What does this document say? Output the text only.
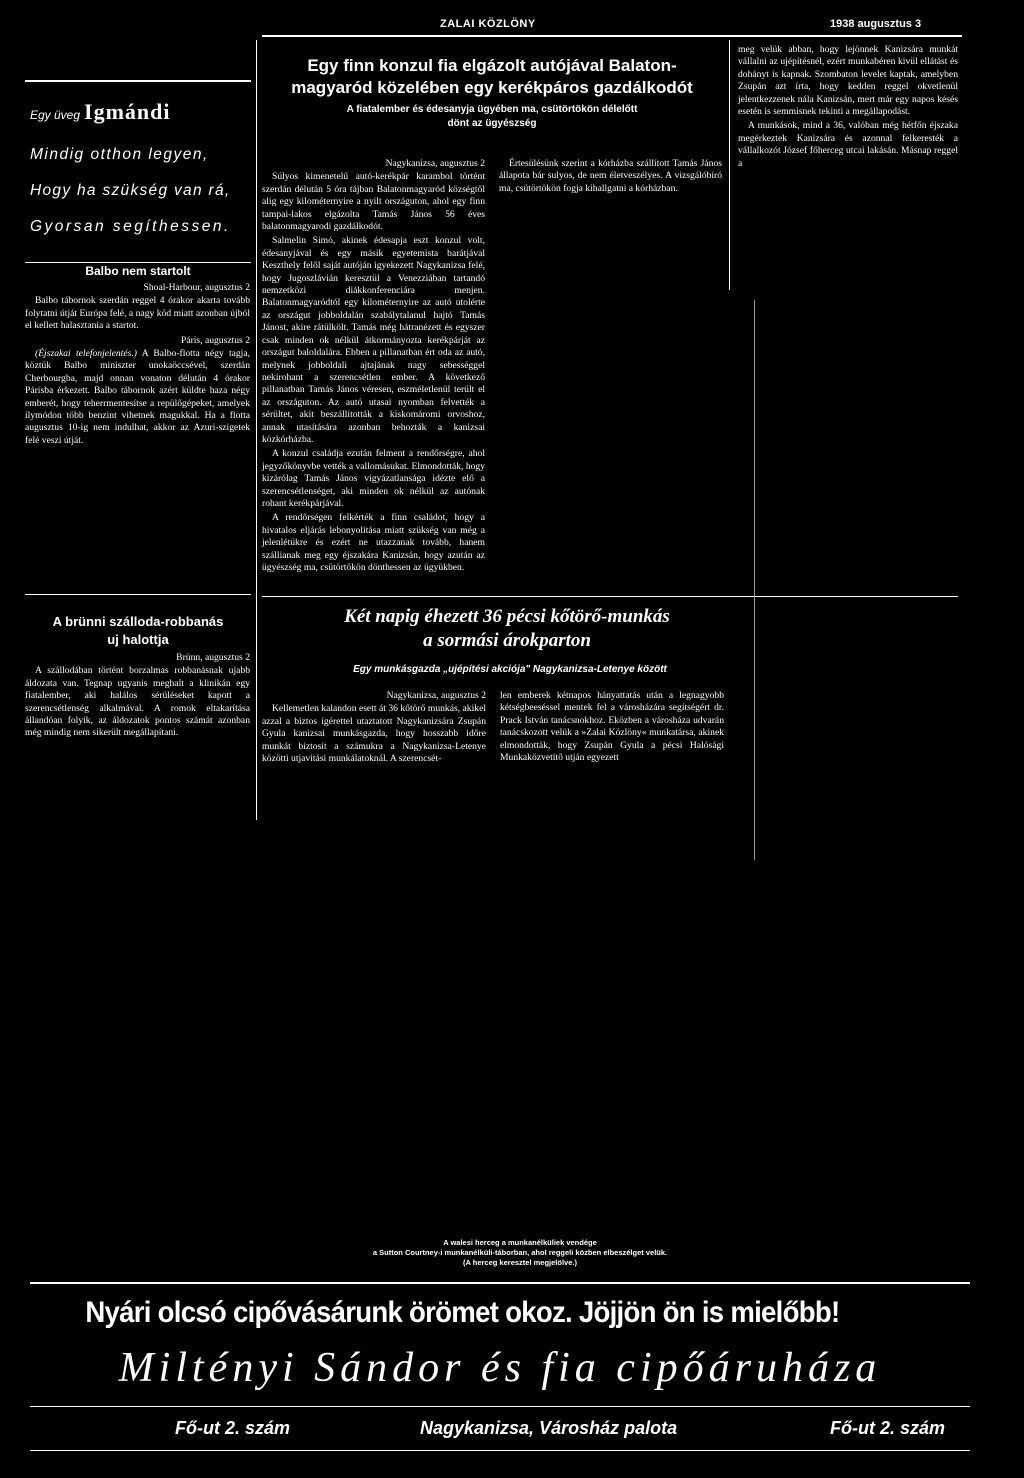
ZALAI KÖZLÖNY	1938 augusztus 3
Egy üveg Igmándi
Mindig otthon legyen,
Hogy ha szükség van rá,
Gyorsan segíthessen.
Balbo nem startolt

Shoal-Harbour, augusztus 2

Balbo tábornok szerdán reggel 4 órakor akarta tovább folytatni útját Európa felé, a nagy köd miatt azonban újból el kellett halasztania a startot.

Páris, augusztus 2

(Éjszakai telefonjelentés.) A Balbo-flotta négy tagja, köztük Balbo miniszter unokaöccsével, szerdán Cherbourgba, majd onnan vonaton délután 4 órakor Párisba érkezett. Balbo tábornok azért küldte haza négy emberét, hogy teherrmentesítse a repülőgépeket, amelyek ilymódon több benzint vihetnek magukkal. Ha a flotta augusztus 10-ig nem indulhat, akkor az Azuri-szigetek felé veszi útját.

A brünni szálloda-robbanás
uj halottja

Brünn, augusztus 2

A szállodában történt borzalmas robbanásnak ujabb áldozata van. Tegnap ugyanis meghalt a klinikán egy fiatalember, aki halálos sérüléseket kapott a szerencsétlenség alkalmával. A romok eltakarítása állandóan folyik, az áldozatok pontos számát azonban még mindig nem sikerült megállapítani.

Egy finn konzul fia elgázolt autójával Balaton-
magyaród közelében egy kerékpáros gazdálkodót
A fiatalember és édesanyja ügyében ma, csütörtökön délelőtt
dönt az ügyészség

Nagykanizsa, augusztus 2

Súlyos kimenetelű autó-kerékpár karambol történt szerdán délután 5 óra tájban Balatonmagyaród községtől alig egy kilométernyire a nyilt országuton, ahol egy finn tampai-lakos elgázolta Tamás János 56 éves balatonmagyarodi gazdálkodót.

Salmelin Simó, akinek édesapja eszt konzul volt, édesanyjával és egy másik egyetemista barátjával Keszthely felől saját autóján igyekezett Nagykanizsa felé, hogy Jugoszlávián keresztül a Venezziában tartandó nemzetközi diákkonferenciára menjen. Balatonmagyaródtól egy kilométernyire az autó utolérte az országut jobboldalán szabálytalanul hajtó Tamás Jánost, akire rátülkölt. Tamás még hátranézett és egyszer csak minden ok nélkül átkormányozta kerékpárját az országut baloldalára. Ebben a pillanatban ért oda az autó, melynek jobboldali ajtajának nagy sebességgel nekirohant a szerencsétlen ember. A következő pillanatban Tamás János véresen, eszméletlenül terült el az országuton. Az autó utasai nyomban felvették a sérültet, akit beszállították a kiskomáromi orvoshoz, annak utasítására azonban behozták a kanizsai közkórházba.

A konzul családja ezután felment a rendőrségre, ahol jegyzőkönyvbe vették a vallomásukat. Elmondották, hogy kizárólag Tamás János vigyázatlansága idézte elő a szerencsétlenséget, aki minden ok nélkül az autónak rohant kerékpárjával.

A rendőrségen felkérték a finn családot, hogy a hivatalos eljárás lebonyolítása miatt szükség van még a jelenlétükre és ezért ne utazzanak tovább, hanem szállianak meg egy éjszakára Kanizsán, hogy azután az ügyészség ma, csütörtökön dönthessen az ügyükben.

Értesülésünk szerint a kórházba szállított Tamás János állapota bár sulyos, de nem életveszélyes. A vizsgálóbíró ma, csütörtökön fogja kihallgatni a kórházban.

meg velük abban, hogy lejönnek Kanizsára munkát vállalni az ujépítésnél, ezért munkabéren kivül ellátást és dohányt is kapnak. Szombaton levelet kaptak, amelyben Zsupán azt írta, hogy kedden reggel okvetlenül jelentkezzenek nála Kanizsán, mert már egy napos késés esetén is semmisnek tekinti a megállapodást.

A munkások, mind a 36, valóban még hétfőn éjszaka megérkeztek Kanizsára és azonnal felkeresték a vállalkozót József főherceg utcai lakásán. Másnap reggel a

Két napig éhezett 36 pécsi kőtörő-munkás
a sormási árokparton
Egy munkásgazda „ujépítési akciója" Nagykanizsa-Letenye között

Nagykanizsa, augusztus 2

Kellemetlen kalandon esett át 36 kőtörő munkás, akikel azzal a biztos ígérettel utaztatott Nagykanizsára Zsupán Gyula kanizsai munkásgazda, hogy hosszabb időre munkát biztosít a számukra a Nagykanizsa-Letenye közötti utjavitási munkálatoknál. A szerencsét-

len emberek kétnapos hányattatás után a legnagyobb kétségbeeséssel mentek fel a városházára segítségért dr. Prack István tanácsnokhoz. Eközben a városháza udvarán tanácskozott velük a »Zalai Közlöny« munkatársa, akinek elmondották, hogy Zsupán Gyula a pécsi Halósági Munkaközvetítő utján egyezett

A walesi herceg a munkanélküliek vendége
a Sutton Courtney-i munkanélküli-táborban, ahol reggeli közben elbeszélget velük.
(A herceg keresztel megjelölve.)
Nyári olcsó cipővásárunk örömet okoz. Jöjjön ön is mielőbb!
Miltényi Sándor és fia cipőáruháza
Fő-ut 2. szám	Nagykanizsa, Városház palota	Fő-ut 2. szám
